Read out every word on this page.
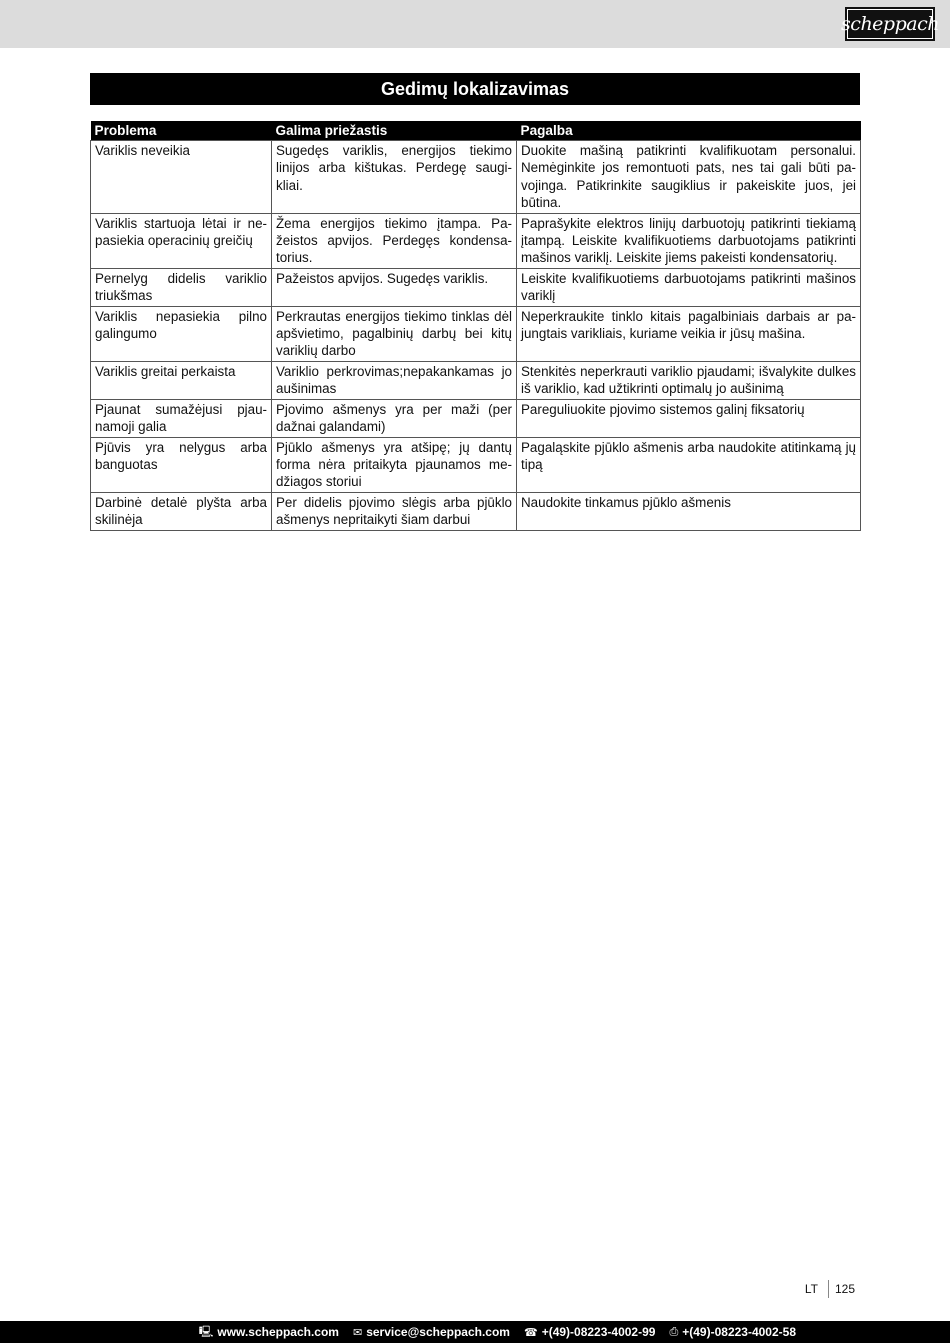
scheppach
Gedimų lokalizavimas
Problema	Galima priežastis	Pagalba
Variklis neveikia	Sugedęs variklis, energijos tiekimo linijos arba kištukas. Perdegę saugikliai.	Duokite mašiną patikrinti kvalifikuotam personalui. Nemėginkite jos remontuoti pats, nes tai gali būti pavojinga. Patikrinkite saugiklius ir pakeiskite juos, jei būtina.
Variklis startuoja lėtai ir nepasiekia operacinių greičių	Žema energijos tiekimo įtampa. Pažeistos apvijos. Perdegęs kondensatorius.	Paprašykite elektros linijų darbuotojų patikrinti tiekiamą įtampą. Leiskite kvalifikuotiems darbuotojams patikrinti mašinos variklį. Leiskite jiems pakeisti kondensatorių.
Pernelyg didelis variklio triukšmas	Pažeistos apvijos. Sugedęs variklis.	Leiskite kvalifikuotiems darbuotojams patikrinti mašinos variklį
Variklis nepasiekia pilno galingumo	Perkrautas energijos tiekimo tinklas dėl apšvietimo, pagalbinių darbų bei kitų variklių darbo	Neperkraukite tinklo kitais pagalbiniais darbais ar pajungtais varikliais, kuriame veikia ir jūsų mašina.
Variklis greitai perkaista	Variklio perkrovimas;nepakankamas jo aušinimas	Stenkitės neperkrauti variklio pjaudami; išvalykite dulkes iš variklio, kad užtikrinti optimalų jo aušinimą
Pjaunat sumažėjusi pjaunamoji galia	Pjovimo ašmenys yra per maži (per dažnai galandami)	Pareguliuokite pjovimo sistemos galinį fiksatorių
Pjūvis yra nelygus arba banguotas	Pjūklo ašmenys yra atšipę; jų dantų forma nėra pritaikyta pjaunamos medžiagos storiui	Pagaląskite pjūklo ašmenis arba naudokite atitinkamą jų tipą
Darbinė detalė plyšta arba skilinėja	Per didelis pjovimo slėgis arba pjūklo ašmenys nepritaikyti šiam darbui	Naudokite tinkamus pjūklo ašmenis
LT	125
🖳 www.scheppach.com ✉ service@scheppach.com ☎ +(49)-08223-4002-99 ⎙ +(49)-08223-4002-58
